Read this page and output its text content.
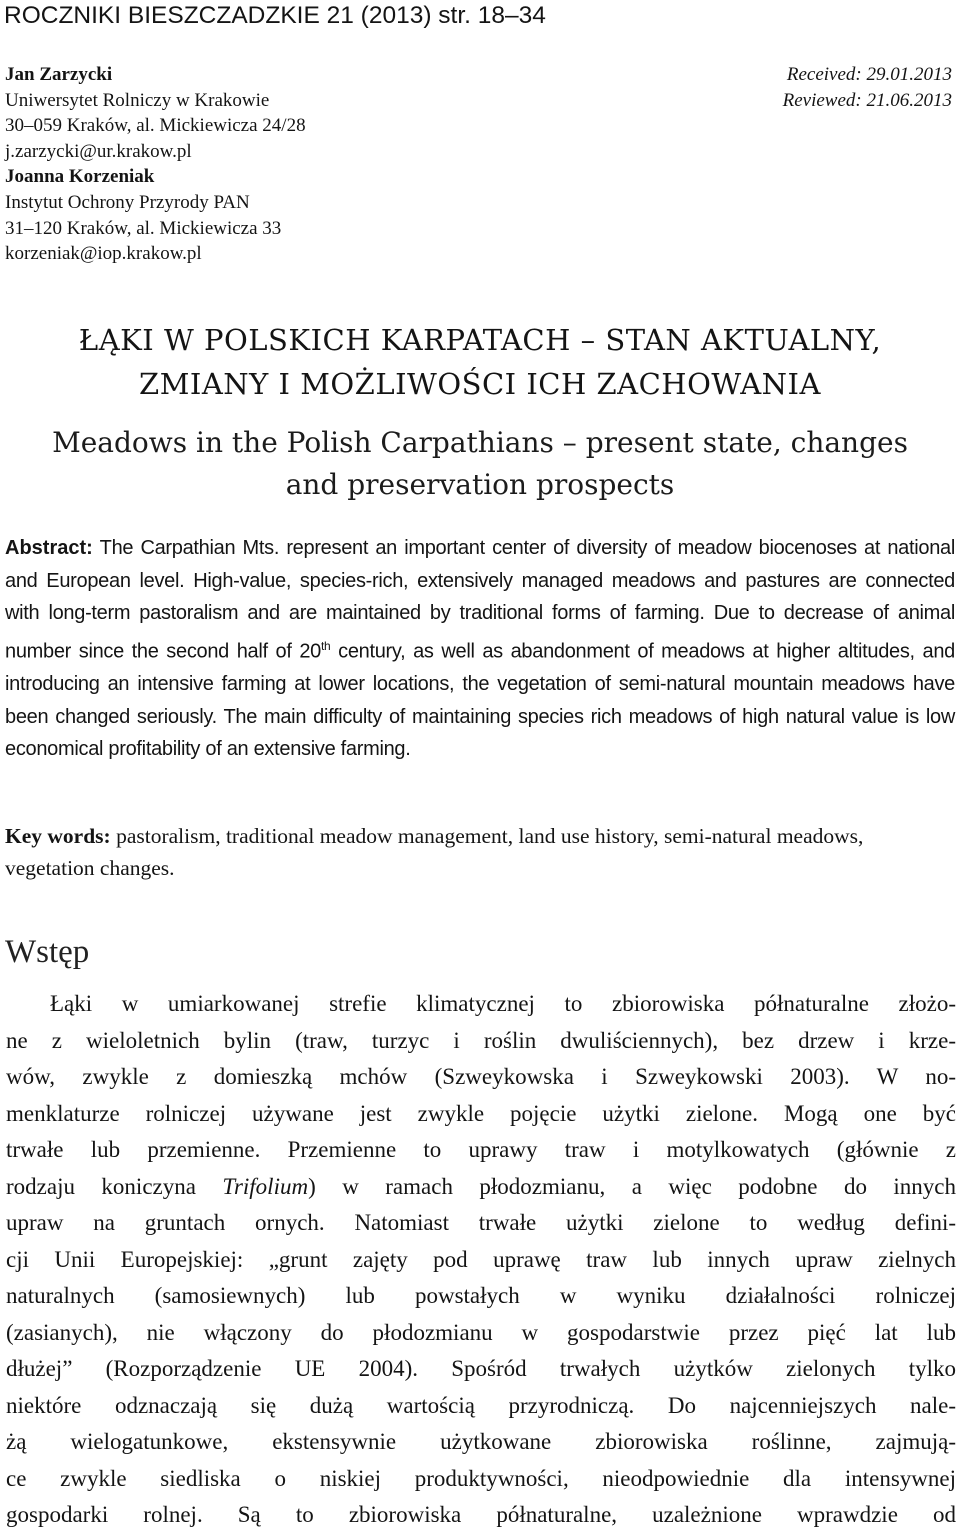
ROCZNIKI BIESZCZADZKIE 21 (2013) str. 18–34
Jan Zarzycki
Uniwersytet Rolniczy w Krakowie
30–059 Kraków, al. Mickiewicza 24/28
j.zarzycki@ur.krakow.pl
Joanna Korzeniak
Instytut Ochrony Przyrody PAN
31–120 Kraków, al. Mickiewicza 33
korzeniak@iop.krakow.pl
Received: 29.01.2013
Reviewed: 21.06.2013
ŁĄKI W POLSKICH KARPATACH – STAN AKTUALNY,
ZMIANY I MOŻLIWOŚCI ICH ZACHOWANIA
Meadows in the Polish Carpathians – present state, changes
and preservation prospects
Abstract: The Carpathian Mts. represent an important center of diversity of meadow biocenoses at national and European level. High-value, species-rich, extensively managed meadows and pastures are connected with long-term pastoralism and are maintained by traditional forms of farming. Due to decrease of animal number since the second half of 20th century, as well as abandonment of meadows at higher altitudes, and introducing an intensive farming at lower locations, the vegetation of semi-natural mountain meadows have been changed seriously. The main difficulty of maintaining species rich meadows of high natural value is low economical profitability of an extensive farming.
Key words: pastoralism, traditional meadow management, land use history, semi-natural meadows, vegetation changes.
Wstęp
Łąki w umiarkowanej strefie klimatycznej to zbiorowiska półnaturalne złożo-
ne z wieloletnich bylin (traw, turzyc i roślin dwuliściennych), bez drzew i krze-
wów, zwykle z domieszką mchów (Szweykowska i Szweykowski 2003). W no-
menklaturze rolniczej używane jest zwykle pojęcie użytki zielone. Mogą one być
trwałe lub przemienne. Przemienne to uprawy traw i motylkowatych (głównie z
rodzaju koniczyna Trifolium) w ramach płodozmianu, a więc podobne do innych
upraw na gruntach ornych. Natomiast trwałe użytki zielone to według defini-
cji Unii Europejskiej: „grunt zajęty pod uprawę traw lub innych upraw zielnych
naturalnych (samosiewnych) lub powstałych w wyniku działalności rolniczej
(zasianych), nie włączony do płodozmianu w gospodarstwie przez pięć lat lub
dłużej” (Rozporządzenie UE 2004). Spośród trwałych użytków zielonych tylko
niektóre odznaczają się dużą wartością przyrodniczą. Do najcenniejszych nale-
żą wielogatunkowe, ekstensywnie użytkowane zbiorowiska roślinne, zajmują-
ce zwykle siedliska o niskiej produktywności, nieodpowiednie dla intensywnej
gospodarki rolnej. Są to zbiorowiska półnaturalne, uzależnione wprawdzie od
